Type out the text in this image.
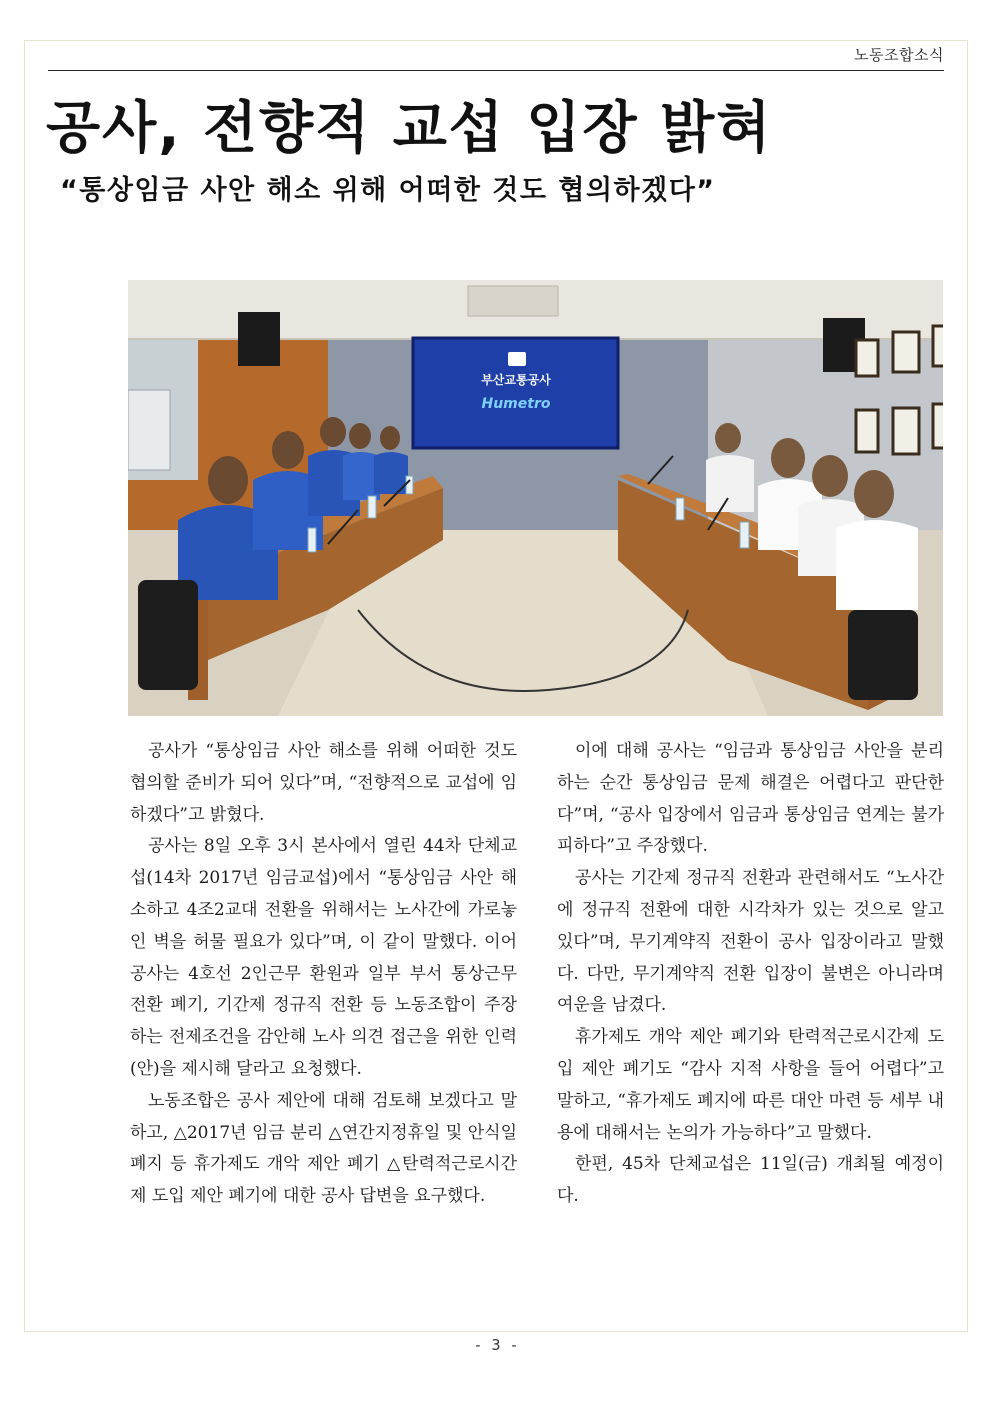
노동조합소식
공사, 전향적 교섭 입장 밝혀
“통상임금 사안 해소 위해 어떠한 것도 협의하겠다”
부산교통공사
Humetro

공사가 “통상임금 사안 해소를 위해 어떠한 것도 협의할 준비가 되어 있다”며, “전향적으로 교섭에 임하겠다”고 밝혔다.

공사는 8일 오후 3시 본사에서 열린 44차 단체교섭(14차 2017년 임금교섭)에서 “통상임금 사안 해소하고 4조2교대 전환을 위해서는 노사간에 가로놓인 벽을 허물 필요가 있다”며, 이 같이 말했다. 이어 공사는 4호선 2인근무 환원과 일부 부서 통상근무 전환 폐기, 기간제 정규직 전환 등 노동조합이 주장하는 전제조건을 감안해 노사 의견 접근을 위한 인력(안)을 제시해 달라고 요청했다.

노동조합은 공사 제안에 대해 검토해 보겠다고 말하고, △2017년 임금 분리 △연간지정휴일 및 안식일 폐지 등 휴가제도 개악 제안 폐기 △탄력적근로시간제 도입 제안 폐기에 대한 공사 답변을 요구했다.

이에 대해 공사는 “임금과 통상임금 사안을 분리하는 순간 통상임금 문제 해결은 어렵다고 판단한다”며, “공사 입장에서 임금과 통상임금 연계는 불가피하다”고 주장했다.

공사는 기간제 정규직 전환과 관련해서도 “노사간에 정규직 전환에 대한 시각차가 있는 것으로 알고 있다”며, 무기계약직 전환이 공사 입장이라고 말했다. 다만, 무기계약직 전환 입장이 불변은 아니라며 여운을 남겼다.

휴가제도 개악 제안 폐기와 탄력적근로시간제 도입 제안 폐기도 “감사 지적 사항을 들어 어렵다”고 말하고, “휴가제도 폐지에 따른 대안 마련 등 세부 내용에 대해서는 논의가 가능하다”고 말했다.

한편, 45차 단체교섭은 11일(금) 개최될 예정이다.

- 3 -
